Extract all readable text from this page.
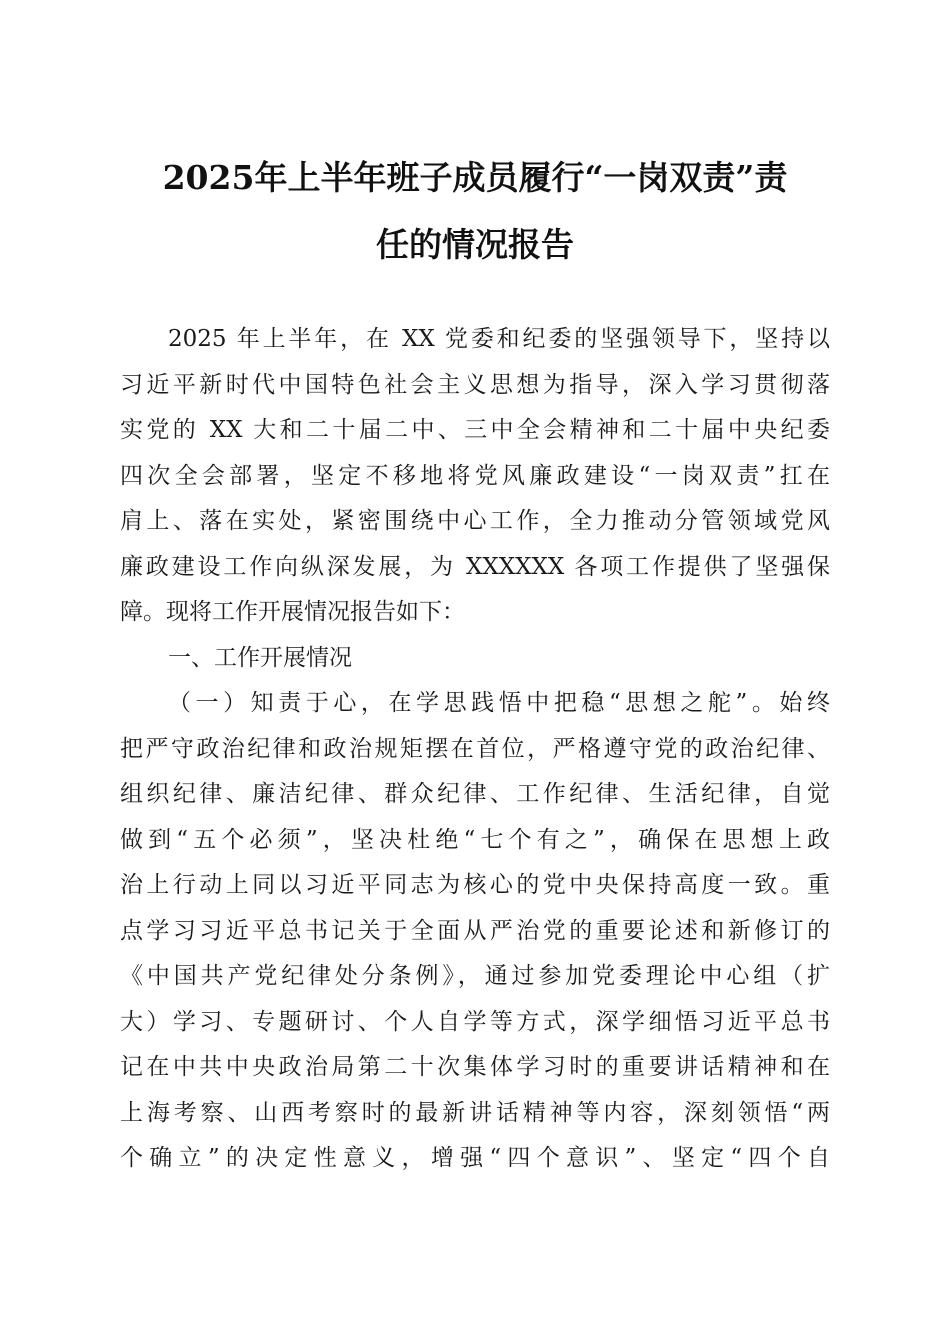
2025年上半年班子成员履行“一岗双责”责
任的情况报告
2025 年上半年，在 XX 党委和纪委的坚强领导下，坚持以
习近平新时代中国特色社会主义思想为指导，深入学习贯彻落
实党的 XX 大和二十届二中、三中全会精神和二十届中央纪委
四次全会部署，坚定不移地将党风廉政建设“一岗双责”扛在
肩上、落在实处，紧密围绕中心工作，全力推动分管领域党风
廉政建设工作向纵深发展，为 XXXXXX 各项工作提供了坚强保
障。现将工作开展情况报告如下：
一、工作开展情况
（一）知责于心，在学思践悟中把稳“思想之舵”。始终
把严守政治纪律和政治规矩摆在首位，严格遵守党的政治纪律、
组织纪律、廉洁纪律、群众纪律、工作纪律、生活纪律，自觉
做到“五个必须”，坚决杜绝“七个有之”，确保在思想上政
治上行动上同以习近平同志为核心的党中央保持高度一致。重
点学习习近平总书记关于全面从严治党的重要论述和新修订的
《中国共产党纪律处分条例》，通过参加党委理论中心组（扩
大）学习、专题研讨、个人自学等方式，深学细悟习近平总书
记在中共中央政治局第二十次集体学习时的重要讲话精神和在
上海考察、山西考察时的最新讲话精神等内容，深刻领悟“两
个确立”的决定性意义，增强“四个意识”、坚定“四个自
